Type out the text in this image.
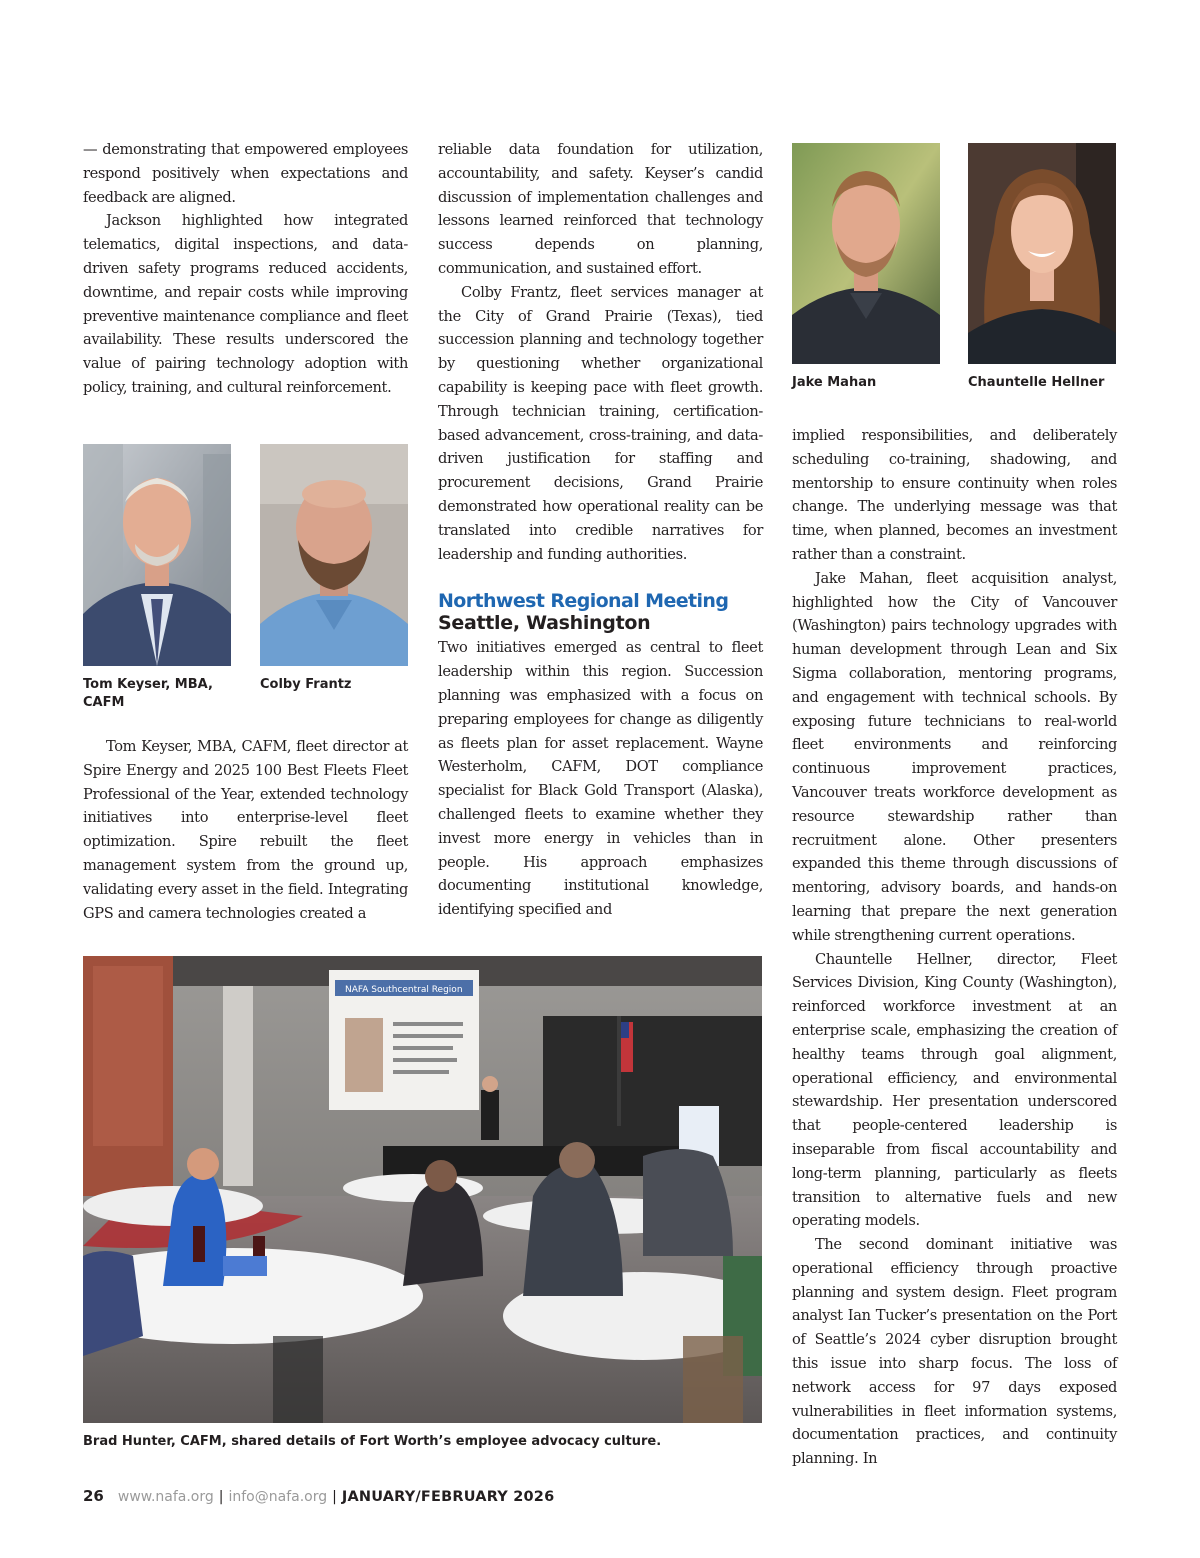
— demonstrating that empowered employees respond positively when expectations and feedback are aligned.

Jackson highlighted how integrated telematics, digital inspections, and data-driven safety programs reduced accidents, downtime, and repair costs while improving preventive maintenance compliance and fleet availability. These results underscored the value of pairing technology adoption with policy, training, and cultural reinforcement.

Tom Keyser, MBA, CAFM
Colby Frantz

Tom Keyser, MBA, CAFM, fleet director at Spire Energy and 2025 100 Best Fleets Fleet Professional of the Year, extended technology initiatives into enterprise-level fleet optimization. Spire rebuilt the fleet management system from the ground up, validating every asset in the field. Integrating GPS and camera technologies created a

reliable data foundation for utilization, accountability, and safety. Keyser’s candid discussion of implementation challenges and lessons learned reinforced that technology success depends on planning, communication, and sustained effort.

Colby Frantz, fleet services manager at the City of Grand Prairie (Texas), tied succession planning and technology together by questioning whether organizational capability is keeping pace with fleet growth. Through technician training, certification-based advancement, cross-training, and data-driven justification for staffing and procurement decisions, Grand Prairie demonstrated how operational reality can be translated into credible narratives for leadership and funding authorities.

Northwest Regional Meeting
Seattle, Washington

Two initiatives emerged as central to fleet leadership within this region. Succession planning was emphasized with a focus on preparing employees for change as diligently as fleets plan for asset replacement. Wayne Westerholm, CAFM, DOT compliance specialist for Black Gold Transport (Alaska), challenged fleets to examine whether they invest more energy in vehicles than in people. His approach emphasizes documenting institutional knowledge, identifying specified and

Jake Mahan	Chauntelle Hellner

implied responsibilities, and deliberately scheduling co-training, shadowing, and mentorship to ensure continuity when roles change. The underlying message was that time, when planned, becomes an investment rather than a constraint.

Jake Mahan, fleet acquisition analyst, highlighted how the City of Vancouver (Washington) pairs technology upgrades with human development through Lean and Six Sigma collaboration, mentoring programs, and engagement with technical schools. By exposing future technicians to real-world fleet environments and reinforcing continuous improvement practices, Vancouver treats workforce development as resource stewardship rather than recruitment alone. Other presenters expanded this theme through discussions of mentoring, advisory boards, and hands-on learning that prepare the next generation while strengthening current operations.

Chauntelle Hellner, director, Fleet Services Division, King County (Washington), reinforced workforce investment at an enterprise scale, emphasizing the creation of healthy teams through goal alignment, operational efficiency, and environmental stewardship. Her presentation underscored that people-centered leadership is inseparable from fiscal accountability and long-term planning, particularly as fleets transition to alternative fuels and new operating models.

The second dominant initiative was operational efficiency through proactive planning and system design. Fleet program analyst Ian Tucker’s presentation on the Port of Seattle’s 2024 cyber disruption brought this issue into sharp focus. The loss of network access for 97 days exposed vulnerabilities in fleet information systems, documentation practices, and continuity planning. In

NAFA Southcentral Region
Brad Hunter, CAFM, shared details of Fort Worth’s employee advocacy culture.
26 www.nafa.org | info@nafa.org | JANUARY/FEBRUARY 2026
